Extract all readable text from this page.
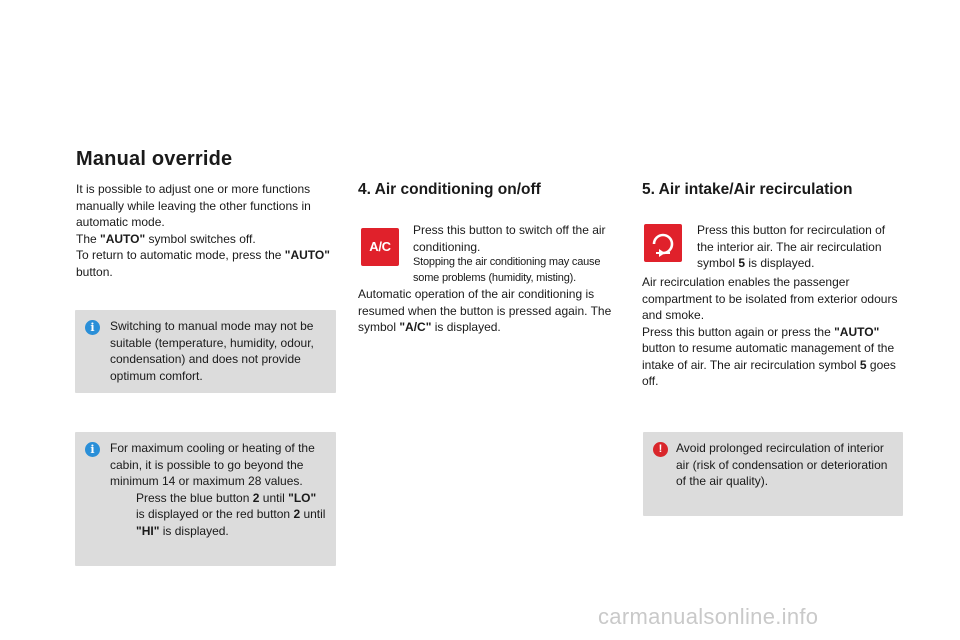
Manual override

It is possible to adjust one or more functions manually while leaving the other functions in automatic mode.

The "AUTO" symbol switches off.

To return to automatic mode, press the "AUTO" button.

i	Switching to manual mode may not be suitable (temperature, humidity, odour, condensation) and does not provide optimum comfort.

i	For maximum cooling or heating of the cabin, it is possible to go beyond the minimum 14 or maximum 28 values.

Press the blue button 2 until "LO" is displayed or the red button 2 until "HI" is displayed.

4. Air conditioning on/off
A/C

Press this button to switch off the air conditioning.

Stopping the air conditioning may cause some problems (humidity, misting).

Automatic operation of the air conditioning is resumed when the button is pressed again. The symbol "A/C" is displayed.

5. Air intake/Air recirculation

Press this button for recirculation of the interior air. The air recirculation symbol 5 is displayed.

Air recirculation enables the passenger compartment to be isolated from exterior odours and smoke.

Press this button again or press the "AUTO" button to resume automatic management of the intake of air. The air recirculation symbol 5 goes off.

!	Avoid prolonged recirculation of interior air (risk of condensation or deterioration of the air quality).

carmanualsonline.info
